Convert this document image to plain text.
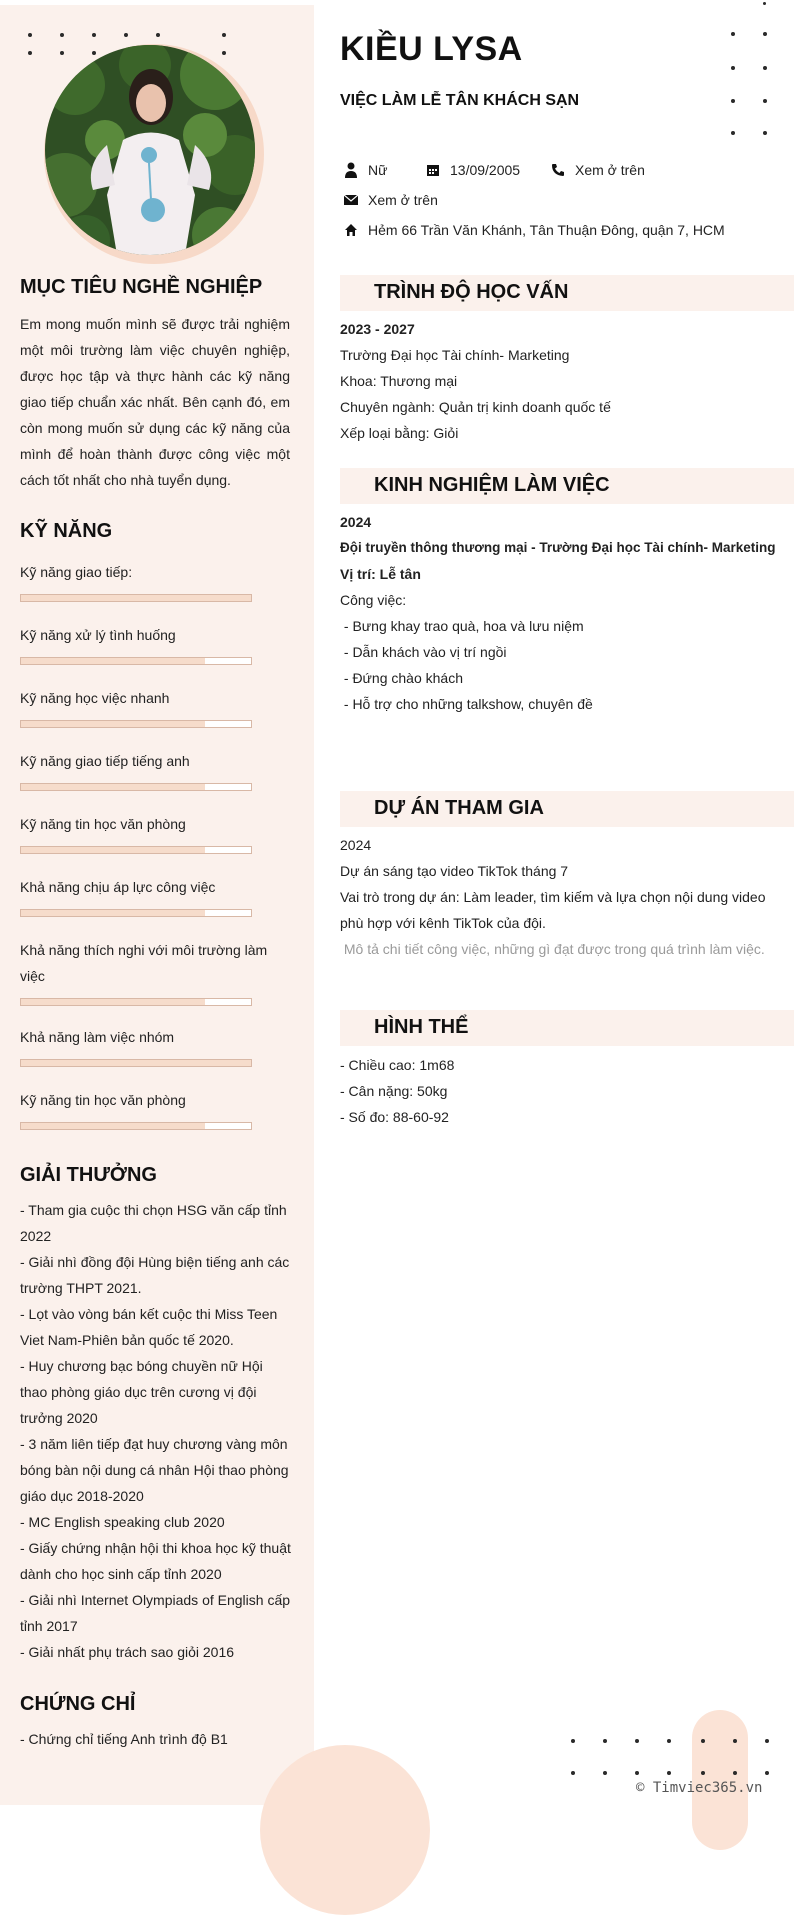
MỤC TIÊU NGHỀ NGHIỆP
Em mong muốn mình sẽ được trải nghiệm một môi trường làm việc chuyên nghiệp, được học tập và thực hành các kỹ năng giao tiếp chuẩn xác nhất. Bên cạnh đó, em còn mong muốn sử dụng các kỹ năng của mình để hoàn thành được công việc một cách tốt nhất cho nhà tuyển dụng.
KỸ NĂNG
Kỹ năng giao tiếp:
Kỹ năng xử lý tình huống
Kỹ năng học việc nhanh
Kỹ năng giao tiếp tiếng anh
Kỹ năng tin học văn phòng
Khả năng chịu áp lực công việc
Khả năng thích nghi với môi trường làm việc
Khả năng làm việc nhóm
Kỹ năng tin học văn phòng
GIẢI THƯỞNG
- Tham gia cuộc thi chọn HSG văn cấp tỉnh 2022
- Giải nhì đồng đội Hùng biện tiếng anh các trường THPT 2021.
- Lọt vào vòng bán kết cuộc thi Miss Teen Viet Nam-Phiên bản quốc tế 2020.
- Huy chương bạc bóng chuyền nữ Hội thao phòng giáo dục trên cương vị đội trưởng 2020
- 3 năm liên tiếp đạt huy chương vàng môn bóng bàn nội dung cá nhân Hội thao phòng giáo dục 2018-2020
- MC English speaking club 2020
- Giấy chứng nhận hội thi khoa học kỹ thuật dành cho học sinh cấp tỉnh 2020
- Giải nhì Internet Olympiads of English cấp tỉnh 2017
- Giải nhất phụ trách sao giỏi 2016
CHỨNG CHỈ
- Chứng chỉ tiếng Anh trình độ B1
KIỀU LYSA
VIỆC LÀM LỄ TÂN KHÁCH SẠN
Nữ	13/09/2005	Xem ở trên
Xem ở trên
Hẻm 66 Trần Văn Khánh, Tân Thuận Đông, quận 7, HCM
TRÌNH ĐỘ HỌC VẤN
2023 - 2027
Trường Đại học Tài chính- Marketing
Khoa: Thương mại
Chuyên ngành: Quản trị kinh doanh quốc tế
Xếp loại bằng: Giỏi
KINH NGHIỆM LÀM VIỆC
2024
Đội truyền thông thương mại - Trường Đại học Tài chính- Marketing
Vị trí: Lễ tân
Công việc:
- Bưng khay trao quà, hoa và lưu niệm
- Dẫn khách vào vị trí ngồi
- Đứng chào khách
- Hỗ trợ cho những talkshow, chuyên đề
DỰ ÁN THAM GIA
2024
Dự án sáng tạo video TikTok tháng 7
Vai trò trong dự án: Làm leader, tìm kiếm và lựa chọn nội dung video phù hợp với kênh TikTok của đội.
Mô tả chi tiết công việc, những gì đạt được trong quá trình làm việc.
HÌNH THỂ
- Chiều cao: 1m68
- Cân nặng: 50kg
- Số đo: 88-60-92
© Timviec365.vn
